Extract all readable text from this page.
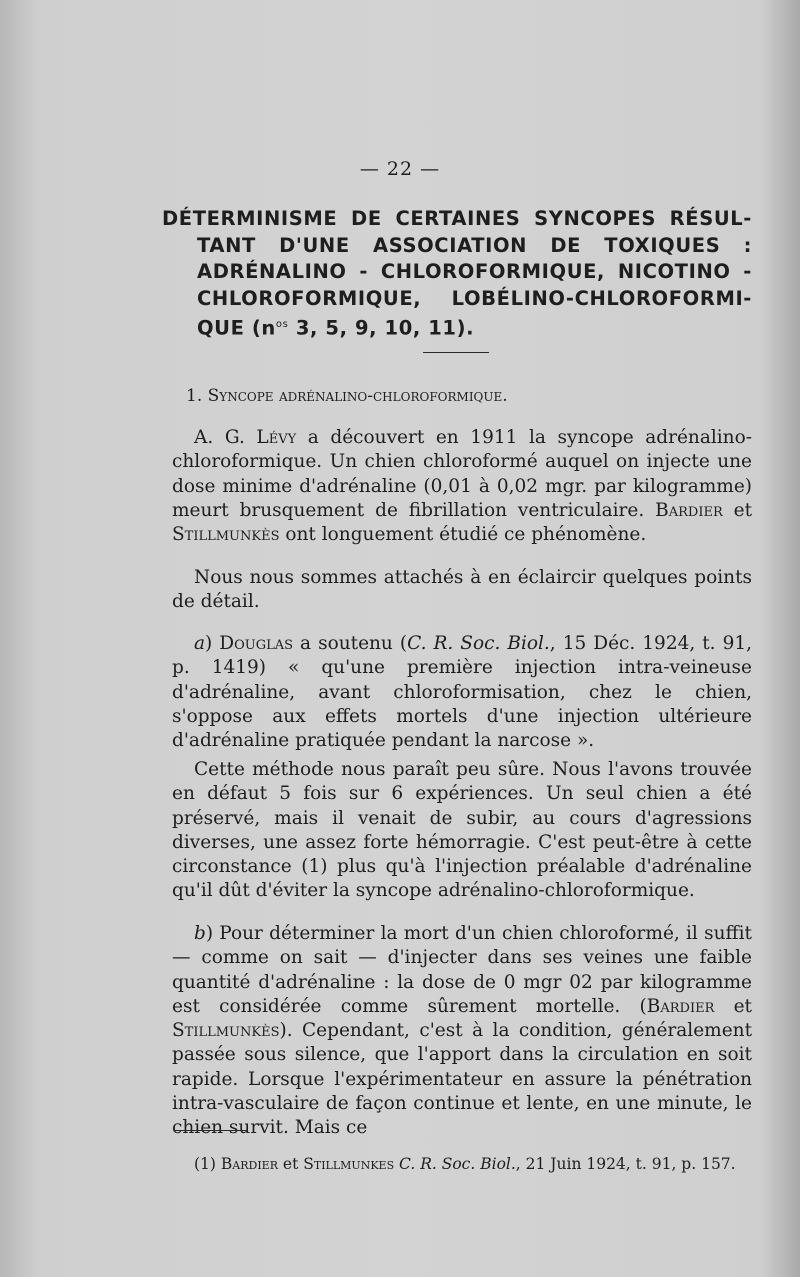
— 22 —
DÉTERMINISME DE CERTAINES SYNCOPES RÉSUL-
TANT D'UNE ASSOCIATION DE TOXIQUES :
ADRÉNALINO - CHLOROFORMIQUE, NICOTINO -
CHLOROFORMIQUE, LOBÉLINO-CHLOROFORMI-
QUE ($n^{os}$ 3, 5, 9, 10, 11).
1. Syncope adrénalino-chloroformique.

A. G. Lévy a découvert en 1911 la syncope adrénalino-chloroformique. Un chien chloroformé auquel on injecte une dose minime d'adrénaline (0,01 à 0,02 mgr. par kilogramme) meurt brusquement de fibrillation ventriculaire. Bardier et Stillmunkès ont longuement étudié ce phénomène.

Nous nous sommes attachés à en éclaircir quelques points de détail.

a) Douglas a soutenu (C. R. Soc. Biol., 15 Déc. 1924, t. 91, p. 1419) « qu'une première injection intra-veineuse d'adrénaline, avant chloroformisation, chez le chien, s'oppose aux effets mortels d'une injection ultérieure d'adrénaline pratiquée pendant la narcose ».

Cette méthode nous paraît peu sûre. Nous l'avons trouvée en défaut 5 fois sur 6 expériences. Un seul chien a été préservé, mais il venait de subir, au cours d'agressions diverses, une assez forte hémorragie. C'est peut-être à cette circonstance (1) plus qu'à l'injection préalable d'adrénaline qu'il dût d'éviter la syncope adrénalino-chloroformique.

b) Pour déterminer la mort d'un chien chloroformé, il suffit — comme on sait — d'injecter dans ses veines une faible quantité d'adrénaline : la dose de 0 mgr 02 par kilogramme est considérée comme sûrement mortelle. (Bardier et Stillmunkès). Cependant, c'est à la condition, généralement passée sous silence, que l'apport dans la circulation en soit rapide. Lorsque l'expérimentateur en assure la pénétration intra-vasculaire de façon continue et lente, en une minute, le chien survit. Mais ce

(1) Bardier et Stillmunkes C. R. Soc. Biol., 21 Juin 1924, t. 91, p. 157.
